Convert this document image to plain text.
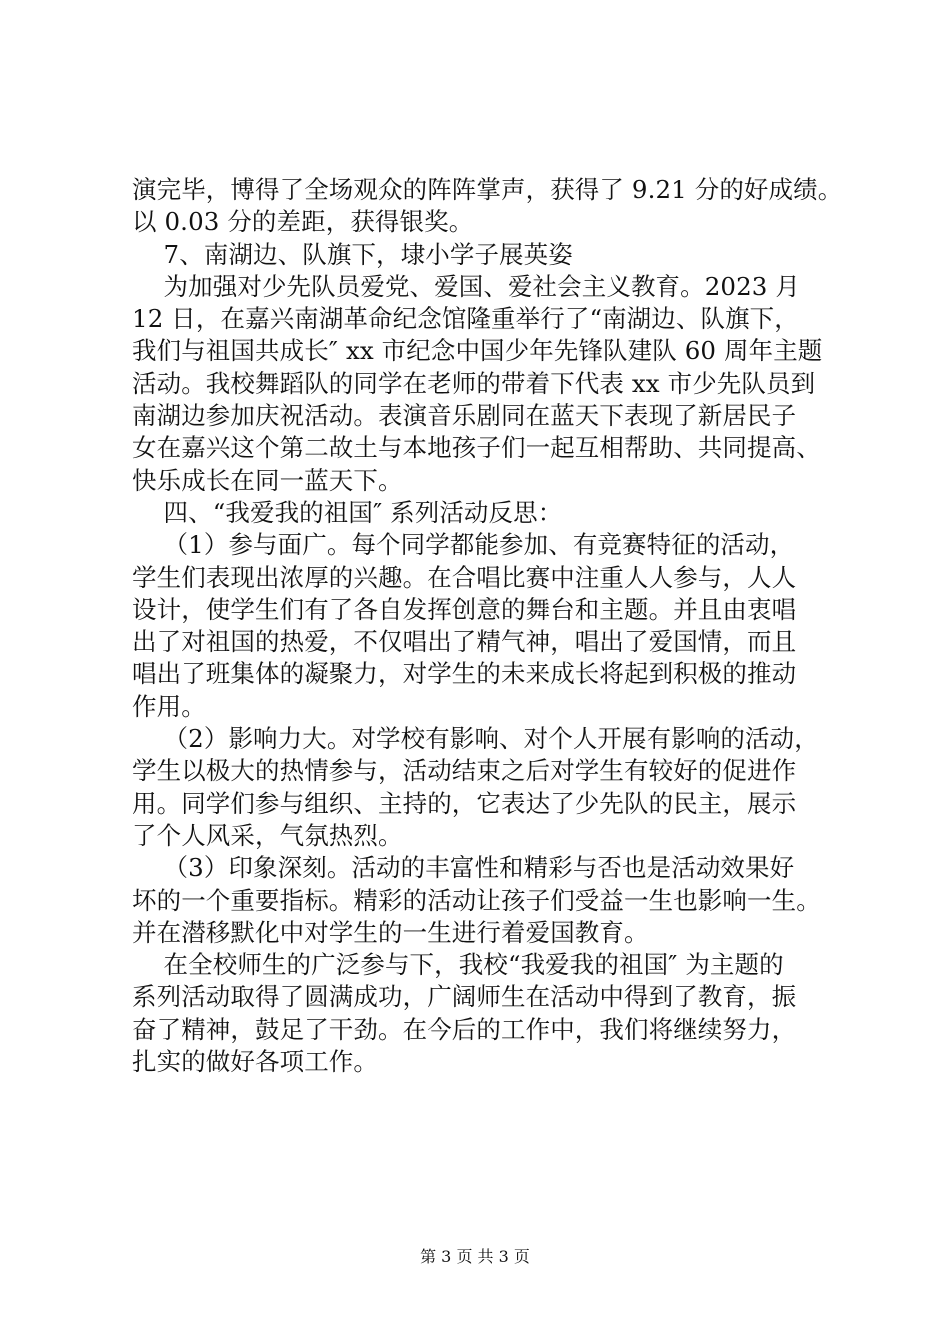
演完毕，博得了全场观众的阵阵掌声，获得了 9.21 分的好成绩。
以 0.03 分的差距，获得银奖。
7、南湖边、队旗下，埭小学子展英姿
为加强对少先队员爱党、爱国、爱社会主义教育。2023 月
12 日，在嘉兴南湖革命纪念馆隆重举行了“南湖边、队旗下，
我们与祖国共成长″ xx 市纪念中国少年先锋队建队 60 周年主题
活动。我校舞蹈队的同学在老师的带着下代表 xx 市少先队员到
南湖边参加庆祝活动。表演音乐剧同在蓝天下表现了新居民子
女在嘉兴这个第二故土与本地孩子们一起互相帮助、共同提高、
快乐成长在同一蓝天下。
四、“我爱我的祖国″ 系列活动反思：
（1）参与面广。每个同学都能参加、有竞赛特征的活动，
学生们表现出浓厚的兴趣。在合唱比赛中注重人人参与，人人
设计，使学生们有了各自发挥创意的舞台和主题。并且由衷唱
出了对祖国的热爱，不仅唱出了精气神，唱出了爱国情，而且
唱出了班集体的凝聚力，对学生的未来成长将起到积极的推动
作用。
（2）影响力大。对学校有影响、对个人开展有影响的活动，
学生以极大的热情参与，活动结束之后对学生有较好的促进作
用。同学们参与组织、主持的，它表达了少先队的民主，展示
了个人风采，气氛热烈。
（3）印象深刻。活动的丰富性和精彩与否也是活动效果好
坏的一个重要指标。精彩的活动让孩子们受益一生也影响一生。
并在潜移默化中对学生的一生进行着爱国教育。
在全校师生的广泛参与下，我校“我爱我的祖国″ 为主题的
系列活动取得了圆满成功，广阔师生在活动中得到了教育，振
奋了精神，鼓足了干劲。在今后的工作中，我们将继续努力，
扎实的做好各项工作。
第 3 页 共 3 页
